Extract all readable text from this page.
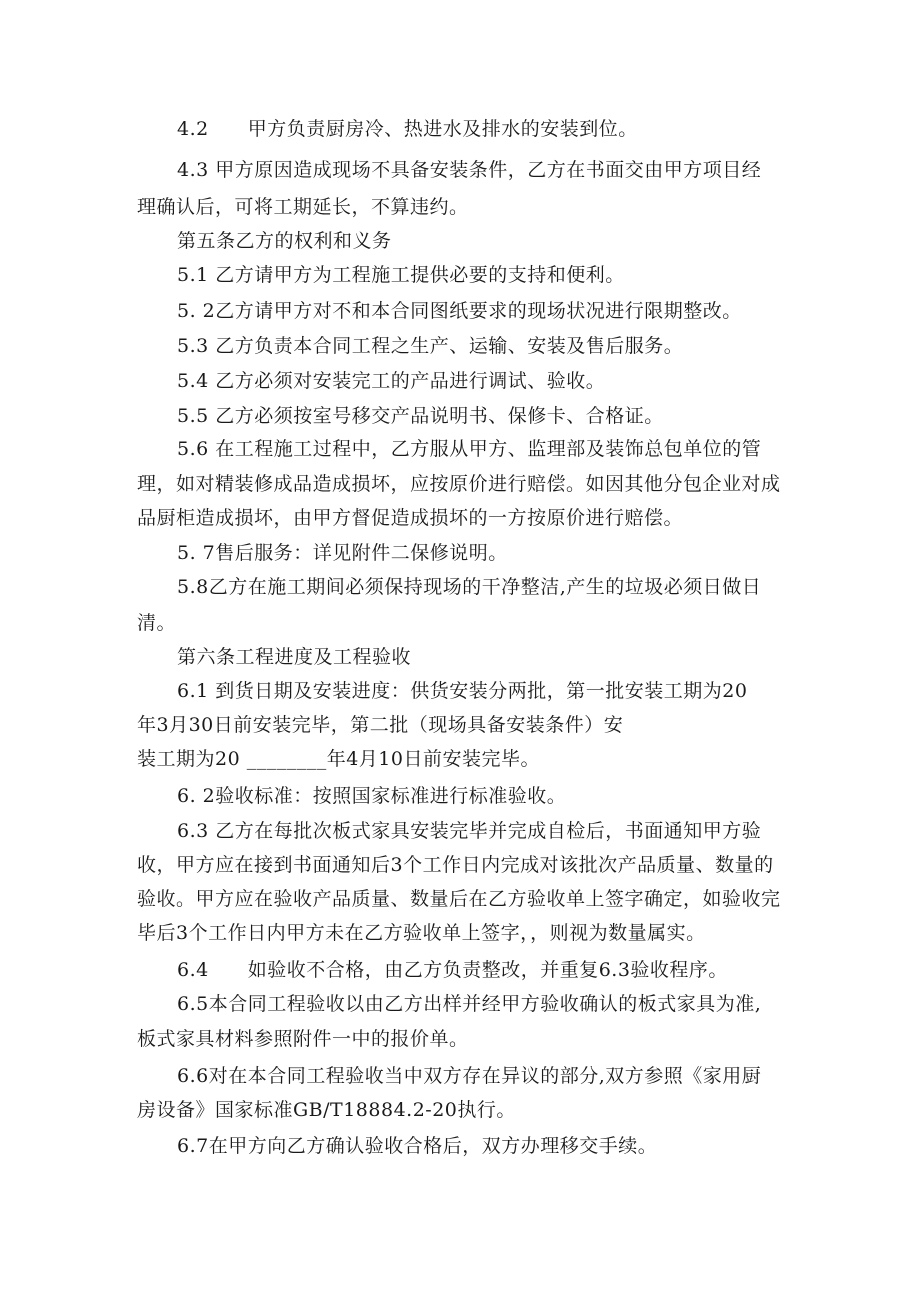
4.2　　甲方负责厨房冷、热进水及排水的安装到位。
4.3 甲方原因造成现场不具备安装条件，乙方在书面交由甲方项目经
理确认后，可将工期延长，不算违约。
第五条乙方的权利和义务
5.1 乙方请甲方为工程施工提供必要的支持和便利。
5. 2乙方请甲方对不和本合同图纸要求的现场状况进行限期整改。
5.3 乙方负责本合同工程之生产、运输、安装及售后服务。
5.4 乙方必须对安装完工的产品进行调试、验收。
5.5 乙方必须按室号移交产品说明书、保修卡、合格证。
5.6 在工程施工过程中，乙方服从甲方、监理部及装饰总包单位的管
理，如对精装修成品造成损坏，应按原价进行赔偿。如因其他分包企业对成
品厨柜造成损坏，由甲方督促造成损坏的一方按原价进行赔偿。
5. 7售后服务：详见附件二保修说明。
5.8乙方在施工期间必须保持现场的干净整洁,产生的垃圾必须日做日
清。
第六条工程进度及工程验收
6.1 到货日期及安装进度：供货安装分两批，第一批安装工期为20
年3月30日前安装完毕，第二批（现场具备安装条件）安
装工期为20 ________年4月10日前安装完毕。
6. 2验收标准：按照国家标准进行标准验收。
6.3 乙方在每批次板式家具安装完毕并完成自检后，书面通知甲方验
收，甲方应在接到书面通知后3个工作日内完成对该批次产品质量、数量的
验收。甲方应在验收产品质量、数量后在乙方验收单上签字确定，如验收完
毕后3个工作日内甲方未在乙方验收单上签字，，则视为数量属实。
6.4　　如验收不合格，由乙方负责整改，并重复6.3验收程序。
6.5本合同工程验收以由乙方出样并经甲方验收确认的板式家具为准,
板式家具材料参照附件一中的报价单。
6.6对在本合同工程验收当中双方存在异议的部分,双方参照《家用厨
房设备》国家标准GB/T18884.2-20执行。
6.7在甲方向乙方确认验收合格后，双方办理移交手续。
